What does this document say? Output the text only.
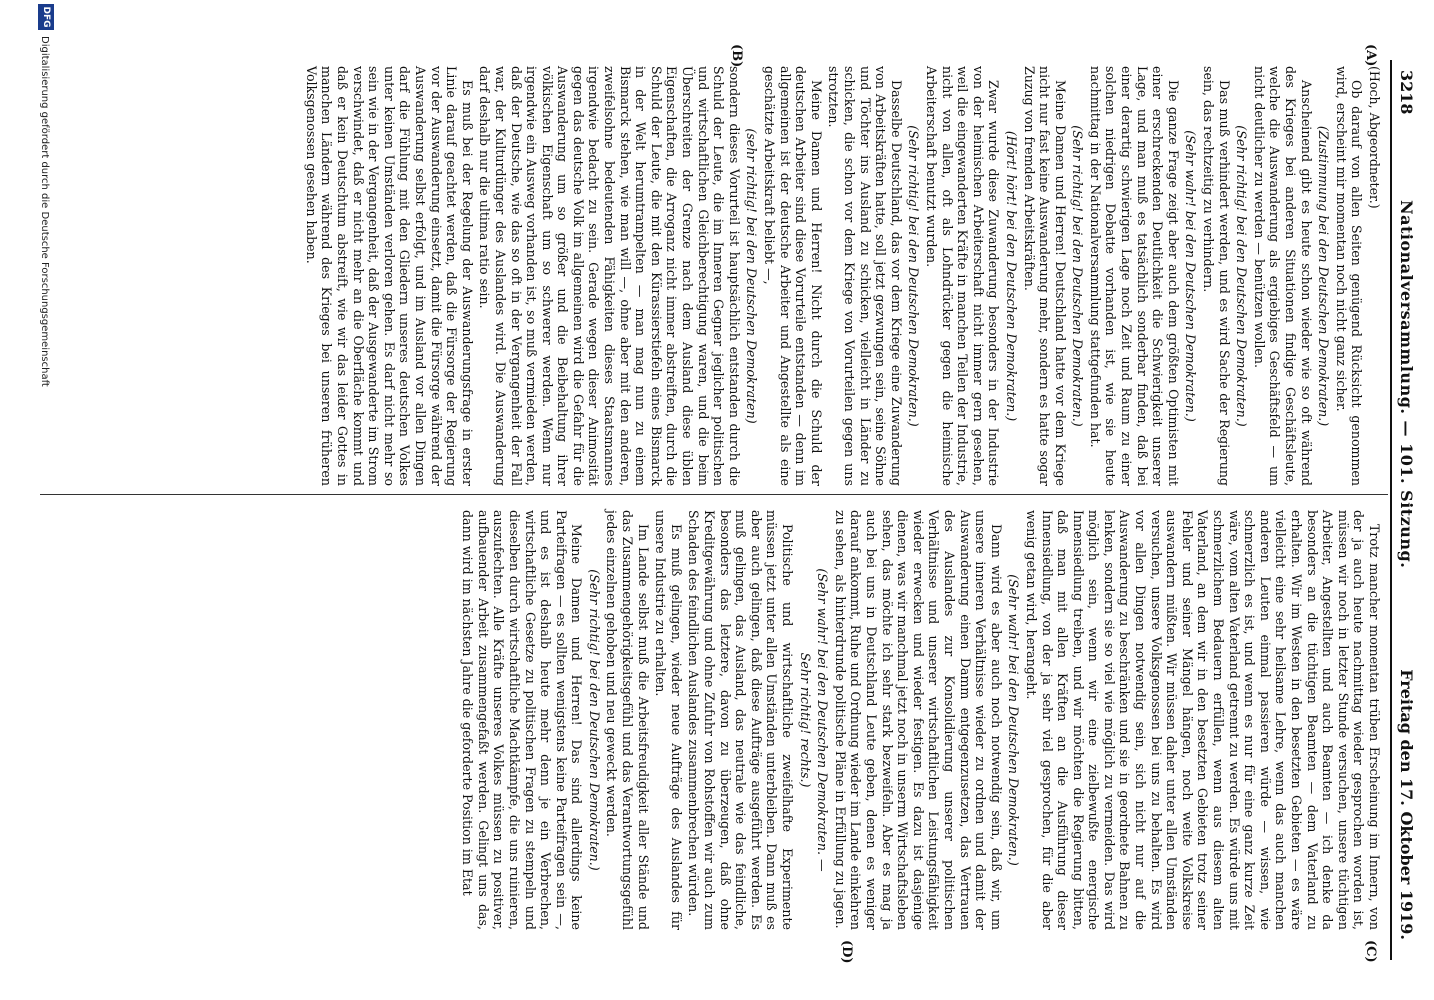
3218
Nationalversammlung. — 101. Sitzung.
Freitag den 17. Oktober 1919.
(A)
(B)
(C)
(D)

(Hoch, Abgeordneter.)

Ob darauf von allen Seiten genügend Rücksicht genommen wird, erscheint mir momentan noch nicht ganz sicher.

(Zustimmung bei den Deutschen Demokraten.)

Anscheinend gibt es heute schon wieder wie so oft während des Krieges bei anderen Situationen findige Geschäftsleute, welche die Auswanderung als ergiebiges Geschäftsfeld — um nicht deutlicher zu werden — benützen wollen.

(Sehr richtig! bei den Deutschen Demokraten.)

Das muß verhindert werden, und es wird Sache der Regierung sein, das rechtzeitig zu verhindern.

(Sehr wahr! bei den Deutschen Demokraten.)

Die ganze Frage zeigt aber auch dem größten Optimisten mit einer erschreckenden Deutlichkeit die Schwierigkeit unserer Lage, und man muß es tatsächlich sonderbar finden, daß bei einer derartig schwierigen Lage noch Zeit und Raum zu einer solchen niedrigen Debatte vorhanden ist, wie sie heute nachmittag in der Nationalversammlung stattgefunden hat.

(Sehr richtig! bei den Deutschen Demokraten.)

Meine Damen und Herren! Deutschland hatte vor dem Kriege nicht nur fast keine Auswanderung mehr, sondern es hatte sogar Zuzug von fremden Arbeitskräften.

(Hört! hört! bei den Deutschen Demokraten.)

Zwar wurde diese Zuwanderung besonders in der Industrie von der heimischen Arbeiterschaft nicht immer gern gesehen, weil die eingewanderten Kräfte in manchen Teilen der Industrie, nicht von allen, oft als Lohndrücker gegen die heimische Arbeiterschaft benutzt wurden.

(Sehr richtig! bei den Deutschen Demokraten.)

Dasselbe Deutschland, das vor dem Kriege eine Zuwanderung von Arbeitskräften hatte, soll jetzt gezwungen sein, seine Söhne und Töchter ins Ausland zu schicken, vielleicht in Länder zu schicken, die schon vor dem Kriege von Vorurteilen gegen uns strotzten.

Meine Damen und Herren! Nicht durch die Schuld der deutschen Arbeiter sind diese Vorurteile entstanden — denn im allgemeinen ist der deutsche Arbeiter und Angestellte als eine geschätzte Arbeitskraft beliebt —,

(sehr richtig! bei den Deutschen Demokraten)

sondern dieses Vorurteil ist hauptsächlich entstanden durch die Schuld der Leute, die im Inneren Gegner jeglicher politischen und wirtschaftlichen Gleichberechtigung waren, und die beim Überschreiten der Grenze nach dem Ausland diese üblen Eigenschaften, die Arroganz nicht immer abstreiften, durch die Schuld der Leute, die mit den Kürassierstiefeln eines Bismarck in der Welt herumtrampelten — man mag nun zu einem Bismarck stehen, wie man will —, ohne aber mit den anderen, zweifelsohne bedeutenden Fähigkeiten dieses Staatsmannes irgendwie bedacht zu sein. Gerade wegen dieser Animosität gegen das deutsche Volk im allgemeinen wird die Gefahr für die Auswanderung um so größer und die Beibehaltung ihrer völkischen Eigenschaft um so schwerer werden. Wenn nur irgendwie ein Ausweg vorhanden ist, so muß vermieden werden, daß der Deutsche, wie das so oft in der Vergangenheit der Fall war, der Kulturdünger des Auslandes wird. Die Auswanderung darf deshalb nur die ultima ratio sein.

Es muß bei der Regelung der Auswanderungsfrage in erster Linie darauf geachtet werden, daß die Fürsorge der Regierung vor der Auswanderung einsetzt, damit die Fürsorge während der Auswanderung selbst erfolgt, und im Ausland vor allen Dingen darf die Fühlung mit den Gliedern unseres deutschen Volkes unter keinen Umständen verloren gehen. Es darf nicht mehr so sein wie in der Vergangenheit, daß der Ausgewanderte im Strom verschwindet, daß er nicht mehr an die Oberfläche kommt und daß er kein Deutschtum abstreift, wie wir das leider Gottes in manchen Ländern während des Krieges bei unseren früheren Volksgenossen gesehen haben.

Trotz mancher momentan trüben Erscheinung im Innern, von der ja auch heute nachmittag wieder gesprochen worden ist, müssen wir noch in letzter Stunde versuchen, unsere tüchtigen Arbeiter, Angestellten und auch Beamten — ich denke da besonders an die tüchtigen Beamten — dem Vaterland zu erhalten. Wir im Westen in den besetzten Gebieten — es wäre vielleicht eine sehr heilsame Lehre, wenn das auch manchen anderen Leuten einmal passieren würde — wissen, wie schmerzlich es ist, und wenn es nur für eine ganz kurze Zeit wäre, vom alten Vaterland getrennt zu werden. Es würde uns mit schmerzlichem Bedauern erfüllen, wenn aus diesem alten Vaterland, an dem wir in den besetzten Gebieten trotz seiner Fehler und seiner Mängel hängen, noch weite Volkskreise auswandern müßten. Wir müssen daher unter allen Umständen versuchen, unsere Volksgenossen bei uns zu behalten. Es wird vor allen Dingen notwendig sein, sich nicht nur auf die Auswanderung zu beschränken und sie in geordnete Bahnen zu lenken, sondern sie so viel wie möglich zu vermeiden. Das wird möglich sein, wenn wir eine zielbewußte energische Innensiedlung treiben, und wir möchten die Regierung bitten, daß man mit allen Kräften an die Ausführung dieser Innensiedlung, von der ja sehr viel gesprochen, für die aber wenig getan wird, herangeht.

(Sehr wahr! bei den Deutschen Demokraten.)

Dann wird es aber auch noch notwendig sein, daß wir, um unsere inneren Verhältnisse wieder zu ordnen und damit der Auswanderung einen Damm entgegenzusetzen, das Vertrauen des Auslandes zur Konsolidierung unserer politischen Verhältnisse und unserer wirtschaftlichen Leistungsfähigkeit wieder erwecken und wieder festigen. Es dazu ist dasjenige dienen, was wir manchmal jetzt noch in unserm Wirtschaftsleben sehen, das möchte ich sehr stark bezweifeln. Aber es mag ja auch bei uns in Deutschland Leute geben, denen es weniger darauf ankommt, Ruhe und Ordnung wieder im Lande einkehren zu sehen, als hinterdrunde politische Pläne in Erfüllung zu jagen.

(Sehr wahr! bei den Deutschen Demokraten. —

Sehr richtig! rechts.)

Politische und wirtschaftliche zweifelhafte Experimente müssen jetzt unter allen Umständen unterbleiben. Dann muß es aber auch gelingen, daß diese Aufträge ausgeführt werden. Es muß gelingen, das Ausland, das neutrale wie das feindliche, besonders das letztere, davon zu überzeugen, daß ohne Kreditgewährung und ohne Zufuhr von Rohstoffen wir auch zum Schaden des feindlichen Auslandes zusammenbrechen würden.

Es muß gelingen, wieder neue Aufträge des Auslandes für unsere Industrie zu erhalten.

Im Lande selbst muß die Arbeitsfreudigkeit aller Stände und das Zusammengehörigkeitsgefühl und das Verantwortungsgefühl jedes einzelnen gehoben und neu geweckt werden.

(Sehr richtig! bei den Deutschen Demokraten.)

Meine Damen und Herren! Das sind allerdings keine Parteifragen — es sollten wenigstens keine Parteifragen sein —, und es ist deshalb heute mehr denn je ein Verbrechen, wirtschaftliche Gesetze zu politischen Fragen zu stempeln und dieselben durch wirtschaftliche Machtkämpfe, die uns ruinieren, auszufechten. Alle Kräfte unseres Volkes müssen zu positiver, aufbauender Arbeit zusammengefaßt werden. Gelingt uns das, dann wird im nächsten Jahre die geforderte Position im Etat

DFG
Digitalisierung gefördert durch die Deutsche Forschungsgemeinschaft
